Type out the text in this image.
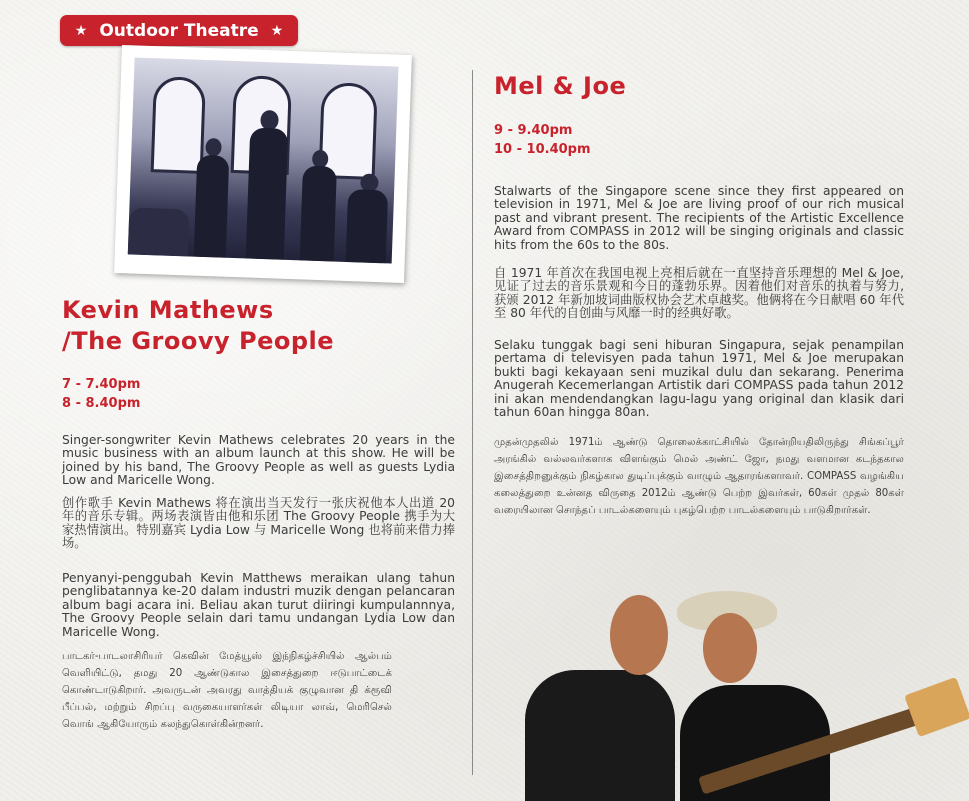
★ Outdoor Theatre ★
Kevin Mathews
/The Groovy People
7 - 7.40pm
8 - 8.40pm
Singer-songwriter Kevin Mathews celebrates 20 years in the music business with an album launch at this show. He will be joined by his band, The Groovy People as well as guests Lydia Low and Maricelle Wong.
创作歌手 Kevin Mathews 将在演出当天发行一张庆祝他本人出道 20 年的音乐专辑。两场表演皆由他和乐团 The Groovy People 携手为大家热情演出。特别嘉宾 Lydia Low 与 Maricelle Wong 也将前来借力捧场。
Penyanyi-penggubah Kevin Matthews meraikan ulang tahun penglibatannya ke-20 dalam industri muzik dengan pelancaran album bagi acara ini. Beliau akan turut diiringi kumpulannnya, The Groovy People selain dari tamu undangan Lydia Low dan Maricelle Wong.
பாடகர்-பாடலாசிரியர் கெவின் மேத்யூஸ் இந்நிகழ்ச்சியில் ஆல்பம் வெளியிட்டு, தமது 20 ஆண்டுகால இசைத்துறை ஈடுபாட்டைக் கொண்டாடுகிறார். அவருடன் அவரது வாத்தியக் குழுவான தி க்ரூவி பீப்பல், மற்றும் சிறப்பு வருகையாளர்கள் லிடியா லாவ், மெரிசெல் வொங் ஆகியோரும் கலந்துகொள்கின்றனர்.
Mel & Joe
9 - 9.40pm
10 - 10.40pm
Stalwarts of the Singapore scene since they first appeared on television in 1971, Mel & Joe are living proof of our rich musical past and vibrant present. The recipients of the Artistic Excellence Award from COMPASS in 2012 will be singing originals and classic hits from the 60s to the 80s.
自 1971 年首次在我国电视上亮相后就在一直坚持音乐理想的 Mel & Joe, 见证了过去的音乐景观和今日的蓬勃乐界。因着他们对音乐的执着与努力, 获颁 2012 年新加坡词曲版权协会艺术卓越奖。他俩将在今日献唱 60 年代至 80 年代的自创曲与风靡一时的经典好歌。
Selaku tunggak bagi seni hiburan Singapura, sejak penampilan pertama di televisyen pada tahun 1971, Mel & Joe merupakan bukti bagi kekayaan seni muzikal dulu dan sekarang. Penerima Anugerah Kecemerlangan Artistik dari COMPASS pada tahun 2012 ini akan mendendangkan lagu-lagu yang original dan klasik dari tahun 60an hingga 80an.
முதன்முதலில் 1971ம் ஆண்டு தொலைக்காட்சியில் தோன்றியதிலிருந்து சிங்கப்பூர் அரங்கில் வல்லவர்களாக விளங்கும் மெல் அண்ட் ஜோ, நமது வளமான கடந்தகால இசைத்திறனுக்கும் நிகழ்கால துடிப்புக்கும் வாழும் ஆதாரங்களாவர். COMPASS வழங்கிய கலைத்துறை உன்னத விருதை 2012ம் ஆண்டு பெற்ற இவர்கள், 60கள் முதல் 80கள் வரையிலான சொந்தப் பாடல்களையும் புகழ்பெற்ற பாடல்களையும் பாடுகிறார்கள்.
